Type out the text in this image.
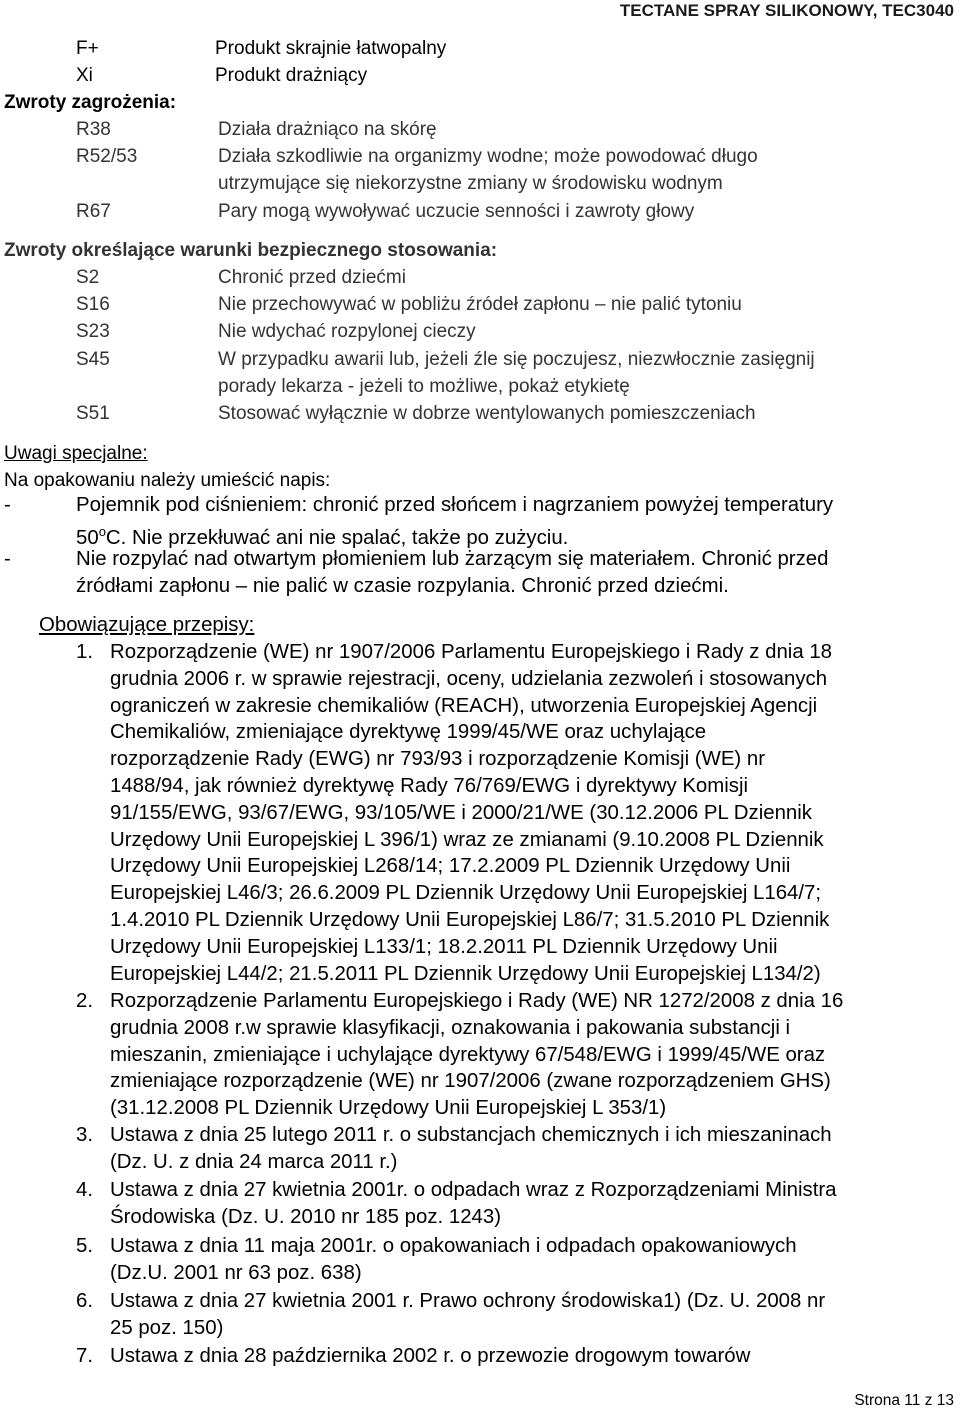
TECTANE SPRAY SILIKONOWY, TEC3040
F+	Produkt skrajnie łatwopalny
Xi	Produkt drażniący
Zwroty zagrożenia:
R38	Działa drażniąco na skórę
R52/53	Działa szkodliwie na organizmy wodne; może powodować długo
utrzymujące się niekorzystne zmiany w środowisku wodnym
R67	Pary mogą wywoływać uczucie senności i zawroty głowy
Zwroty określające warunki bezpiecznego stosowania:
S2	Chronić przed dziećmi
S16	Nie przechowywać w pobliżu źródeł zapłonu – nie palić tytoniu
S23	Nie wdychać rozpylonej cieczy
S45	W przypadku awarii lub, jeżeli źle się poczujesz, niezwłocznie zasięgnij
porady lekarza - jeżeli to możliwe, pokaż etykietę
S51	Stosować wyłącznie w dobrze wentylowanych pomieszczeniach
Uwagi specjalne:
Na opakowaniu należy umieścić napis:
-	Pojemnik pod ciśnieniem: chronić przed słońcem i nagrzaniem powyżej temperatury
50$^o$C. Nie przekłuwać ani nie spalać, także po zużyciu.
-	Nie rozpylać nad otwartym płomieniem lub żarzącym się materiałem. Chronić przed
źródłami zapłonu – nie palić w czasie rozpylania. Chronić przed dziećmi.
Obowiązujące przepisy:
1. Rozporządzenie (WE) nr 1907/2006 Parlamentu Europejskiego i Rady z dnia 18
grudnia 2006 r. w sprawie rejestracji, oceny, udzielania zezwoleń i stosowanych
ograniczeń w zakresie chemikaliów (REACH), utworzenia Europejskiej Agencji
Chemikaliów, zmieniające dyrektywę 1999/45/WE oraz uchylające
rozporządzenie Rady (EWG) nr 793/93 i rozporządzenie Komisji (WE) nr
1488/94, jak również dyrektywę Rady 76/769/EWG i dyrektywy Komisji
91/155/EWG, 93/67/EWG, 93/105/WE i 2000/21/WE (30.12.2006 PL Dziennik
Urzędowy Unii Europejskiej L 396/1) wraz ze zmianami (9.10.2008 PL Dziennik
Urzędowy Unii Europejskiej L268/14; 17.2.2009 PL Dziennik Urzędowy Unii
Europejskiej L46/3; 26.6.2009 PL Dziennik Urzędowy Unii Europejskiej L164/7;
1.4.2010 PL Dziennik Urzędowy Unii Europejskiej L86/7; 31.5.2010 PL Dziennik
Urzędowy Unii Europejskiej L133/1; 18.2.2011 PL Dziennik Urzędowy Unii
Europejskiej L44/2; 21.5.2011 PL Dziennik Urzędowy Unii Europejskiej L134/2)
2. Rozporządzenie Parlamentu Europejskiego i Rady (WE) NR 1272/2008 z dnia 16
grudnia 2008 r.w sprawie klasyfikacji, oznakowania i pakowania substancji i
mieszanin, zmieniające i uchylające dyrektywy 67/548/EWG i 1999/45/WE oraz
zmieniające rozporządzenie (WE) nr 1907/2006 (zwane rozporządzeniem GHS)
(31.12.2008 PL Dziennik Urzędowy Unii Europejskiej L 353/1)
3. Ustawa z dnia 25 lutego 2011 r. o substancjach chemicznych i ich mieszaninach
(Dz. U. z dnia 24 marca 2011 r.)
4. Ustawa z dnia 27 kwietnia 2001r. o odpadach wraz z Rozporządzeniami Ministra
Środowiska (Dz. U. 2010 nr 185 poz. 1243)
5. Ustawa z dnia 11 maja 2001r. o opakowaniach i odpadach opakowaniowych
(Dz.U. 2001 nr 63 poz. 638)
6. Ustawa z dnia 27 kwietnia 2001 r. Prawo ochrony środowiska1) (Dz. U. 2008 nr
25 poz. 150)
7. Ustawa z dnia 28 października 2002 r. o przewozie drogowym towarów
Strona 11 z 13
